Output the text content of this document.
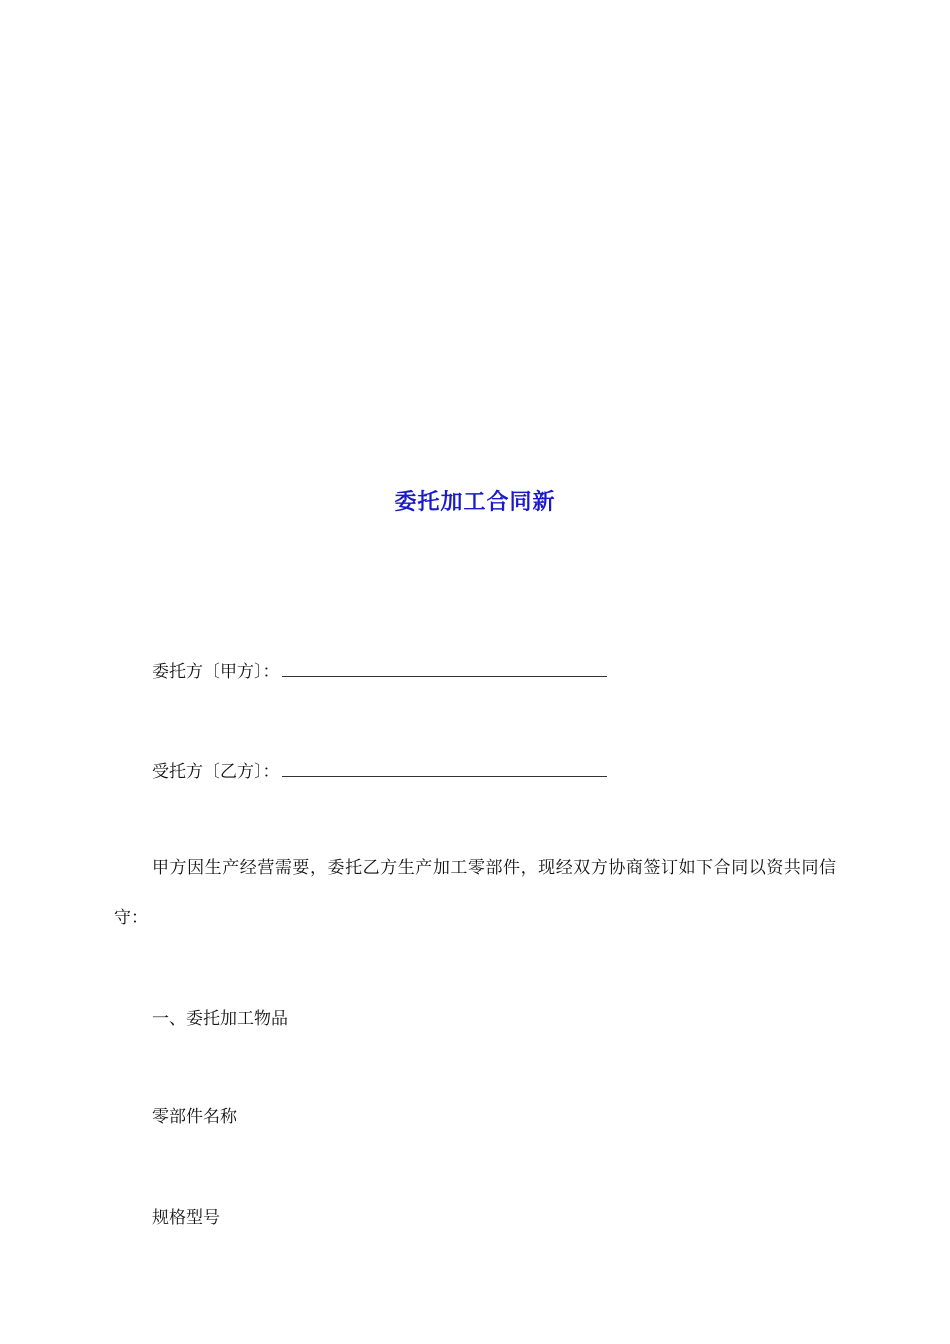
委托加工合同新
委托方〔甲方〕：
受托方〔乙方〕：
甲方因生产经营需要，委托乙方生产加工零部件，现经双方协商签订如下合同以资共同信守：
一、委托加工物品
零部件名称
规格型号
